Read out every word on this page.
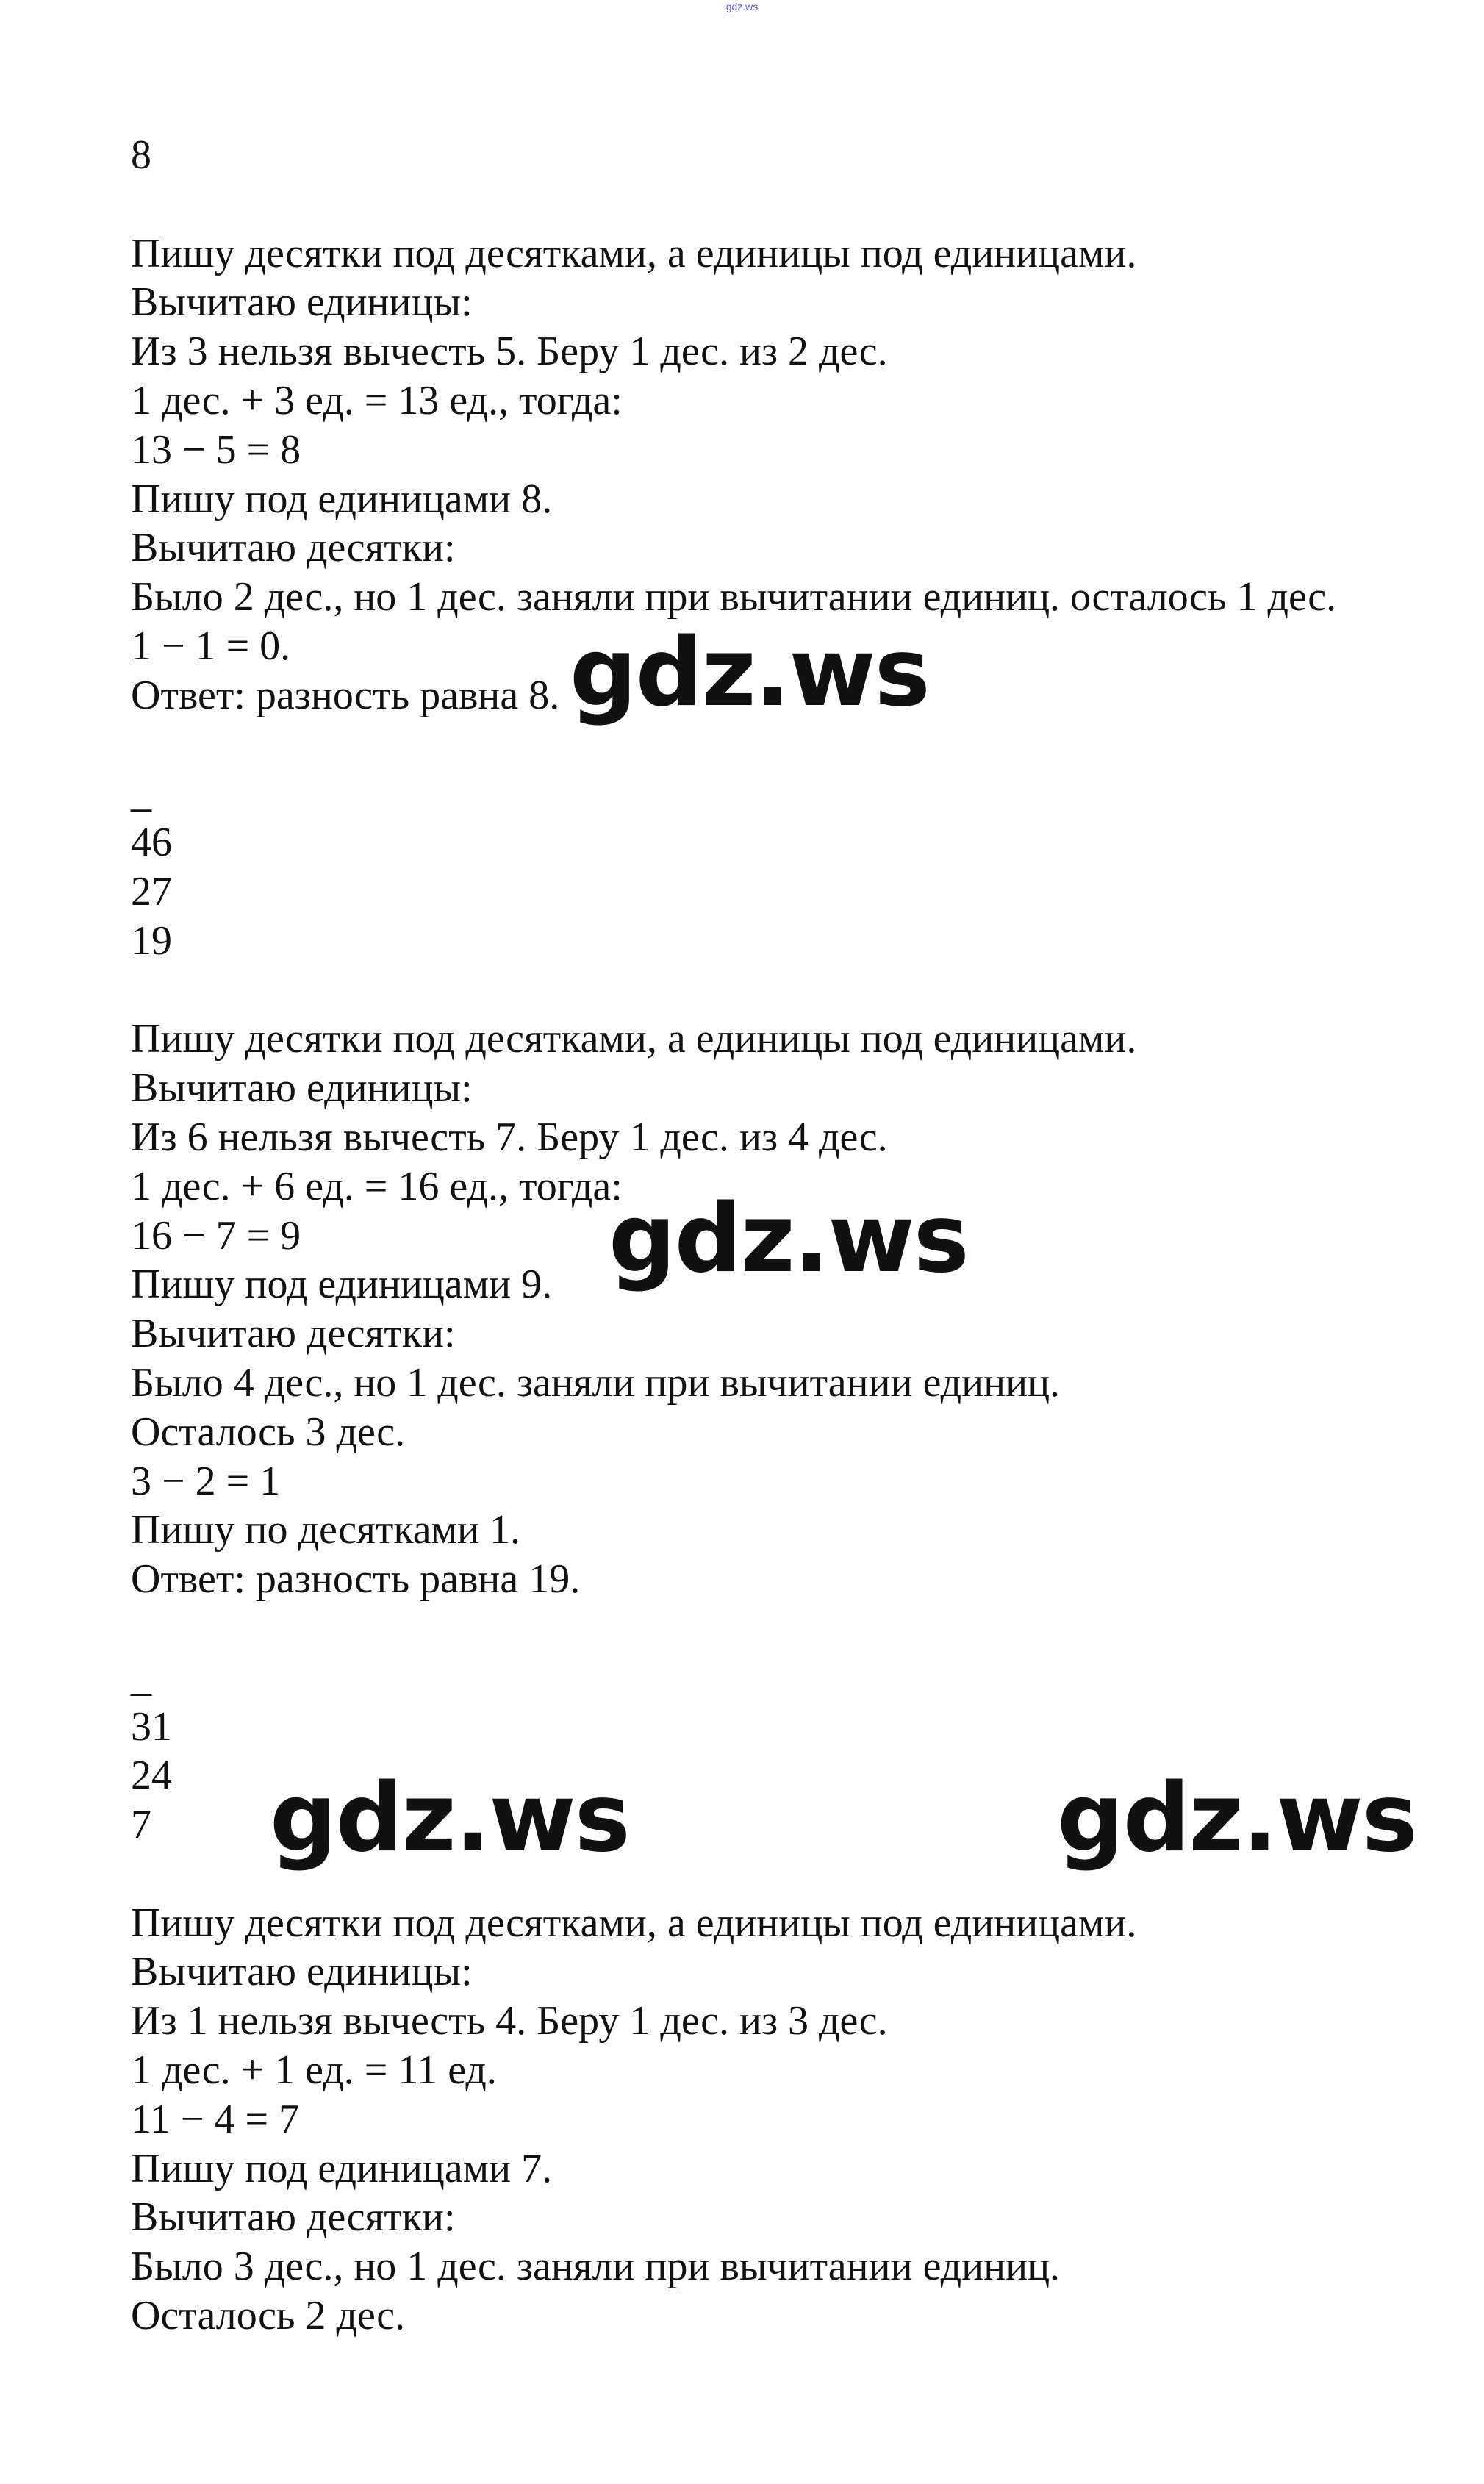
gdz.ws
8
Пишу десятки под десятками, а единицы под единицами.
Вычитаю единицы:
Из 3 нельзя вычесть 5. Беру 1 дес. из 2 дес.
1 дес. + 3 ед. = 13 ед., тогда:
13 − 5 = 8
Пишу под единицами 8.
Вычитаю десятки:
Было 2 дес., но 1 дес. заняли при вычитании единиц. осталось 1 дес.
1 − 1 = 0.
Ответ: разность равна 8.
_
46
27
19
Пишу десятки под десятками, а единицы под единицами.
Вычитаю единицы:
Из 6 нельзя вычесть 7. Беру 1 дес. из 4 дес.
1 дес. + 6 ед. = 16 ед., тогда:
16 − 7 = 9
Пишу под единицами 9.
Вычитаю десятки:
Было 4 дес., но 1 дес. заняли при вычитании единиц.
Осталось 3 дес.
3 − 2 = 1
Пишу по десятками 1.
Ответ: разность равна 19.
_
31
24
7
Пишу десятки под десятками, а единицы под единицами.
Вычитаю единицы:
Из 1 нельзя вычесть 4. Беру 1 дес. из 3 дес.
1 дес. + 1 ед. = 11 ед.
11 − 4 = 7
Пишу под единицами 7.
Вычитаю десятки:
Было 3 дес., но 1 дес. заняли при вычитании единиц.
Осталось 2 дес.
gdz.ws
gdz.ws
gdz.ws	gdz.ws
